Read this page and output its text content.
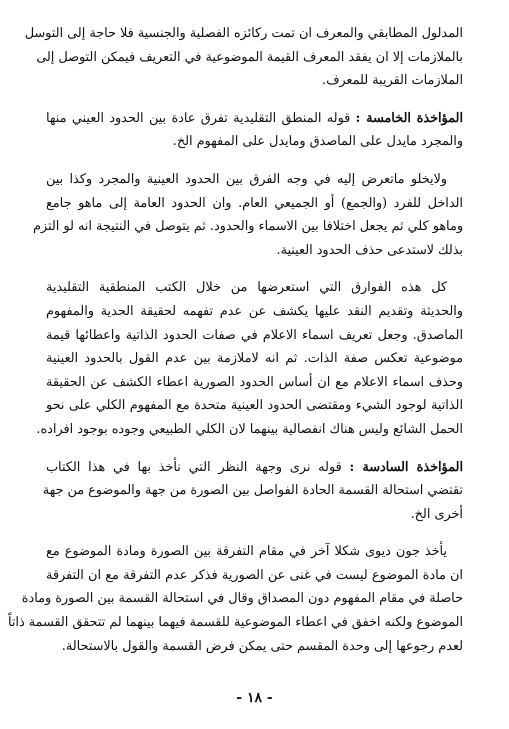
المدلول المطابقي والمعرف ان تمت ركائزه الفصلية والجنسية فلا حاجة إلى التوسل
بالملازمات إلا ان يفقد المعرف القيمة الموضوعية في التعريف فيمكن التوصل إلى
الملازمات القريبة للمعرف.
المؤاخذة الخامسة : قوله المنطق التقليدية تفرق عادة بين الحدود العيني منها
والمجرد مايدل على الماصدق ومايدل على المفهوم الخ.
ولايخلو ماتعرض إليه في وجه الفرق بين الحدود العينية والمجرد وكذا بين
الداخل للفرد (والجمع) أو الجميعي العام. وان الحدود العامة إلى ماهو جامع
وماهو كلي ثم يجعل اختلافا بين الاسماء والحدود. ثم يتوصل في النتيجة انه لو التزم
بذلك لاستدعى حذف الحدود العينية.
كل هذه الفوارق التي استعرضها من خلال الكتب المنطقية التقليدية
والحديثة وتقديم النقد عليها يكشف عن عدم تفهمه لحقيقة الحدية والمفهوم
الماصدق. وجعل تعريف اسماء الاعلام في صفات الحدود الذاتية واعطائها قيمة
موضوعية تعكس صفة الذات. ثم انه لاملازمة بين عدم القول بالحدود العينية
وحذف اسماء الاعلام مع ان أساس الحدود الصورية اعطاء الكشف عن الحقيقة
الذاتية لوجود الشيء ومقتضى الحدود العينية متحدة مع المفهوم الكلي على نحو
الحمل الشائع وليس هناك انفصالية بينهما لان الكلي الطبيعي وجوده بوجود افراده.
المؤاخذة السادسة : قوله نرى وجهة النظر التي نأخذ بها في هذا الكتاب
تقتضي استحالة القسمة الحادة الفواصل بين الصورة من جهة والموضوع من جهة
أخرى الخ.
يأخذ جون ديوى شكلا آخر في مقام التفرقة بين الصورة ومادة الموضوع مع
ان مادة الموضوع ليست في غنى عن الصورية فذكر عدم التفرقة مع ان التفرقة
حاصلة في مقام المفهوم دون المصداق وقال في استحالة القسمة بين الصورة ومادة
الموضوع ولكنه اخفق في اعطاء الموضوعية للقسمة فيهما بينهما لم تتحقق القسمة ذاتاً
لعدم رجوعها إلى وحدة المقسم حتى يمكن فرض القسمة والقول بالاستحالة.
- ١٨ -
